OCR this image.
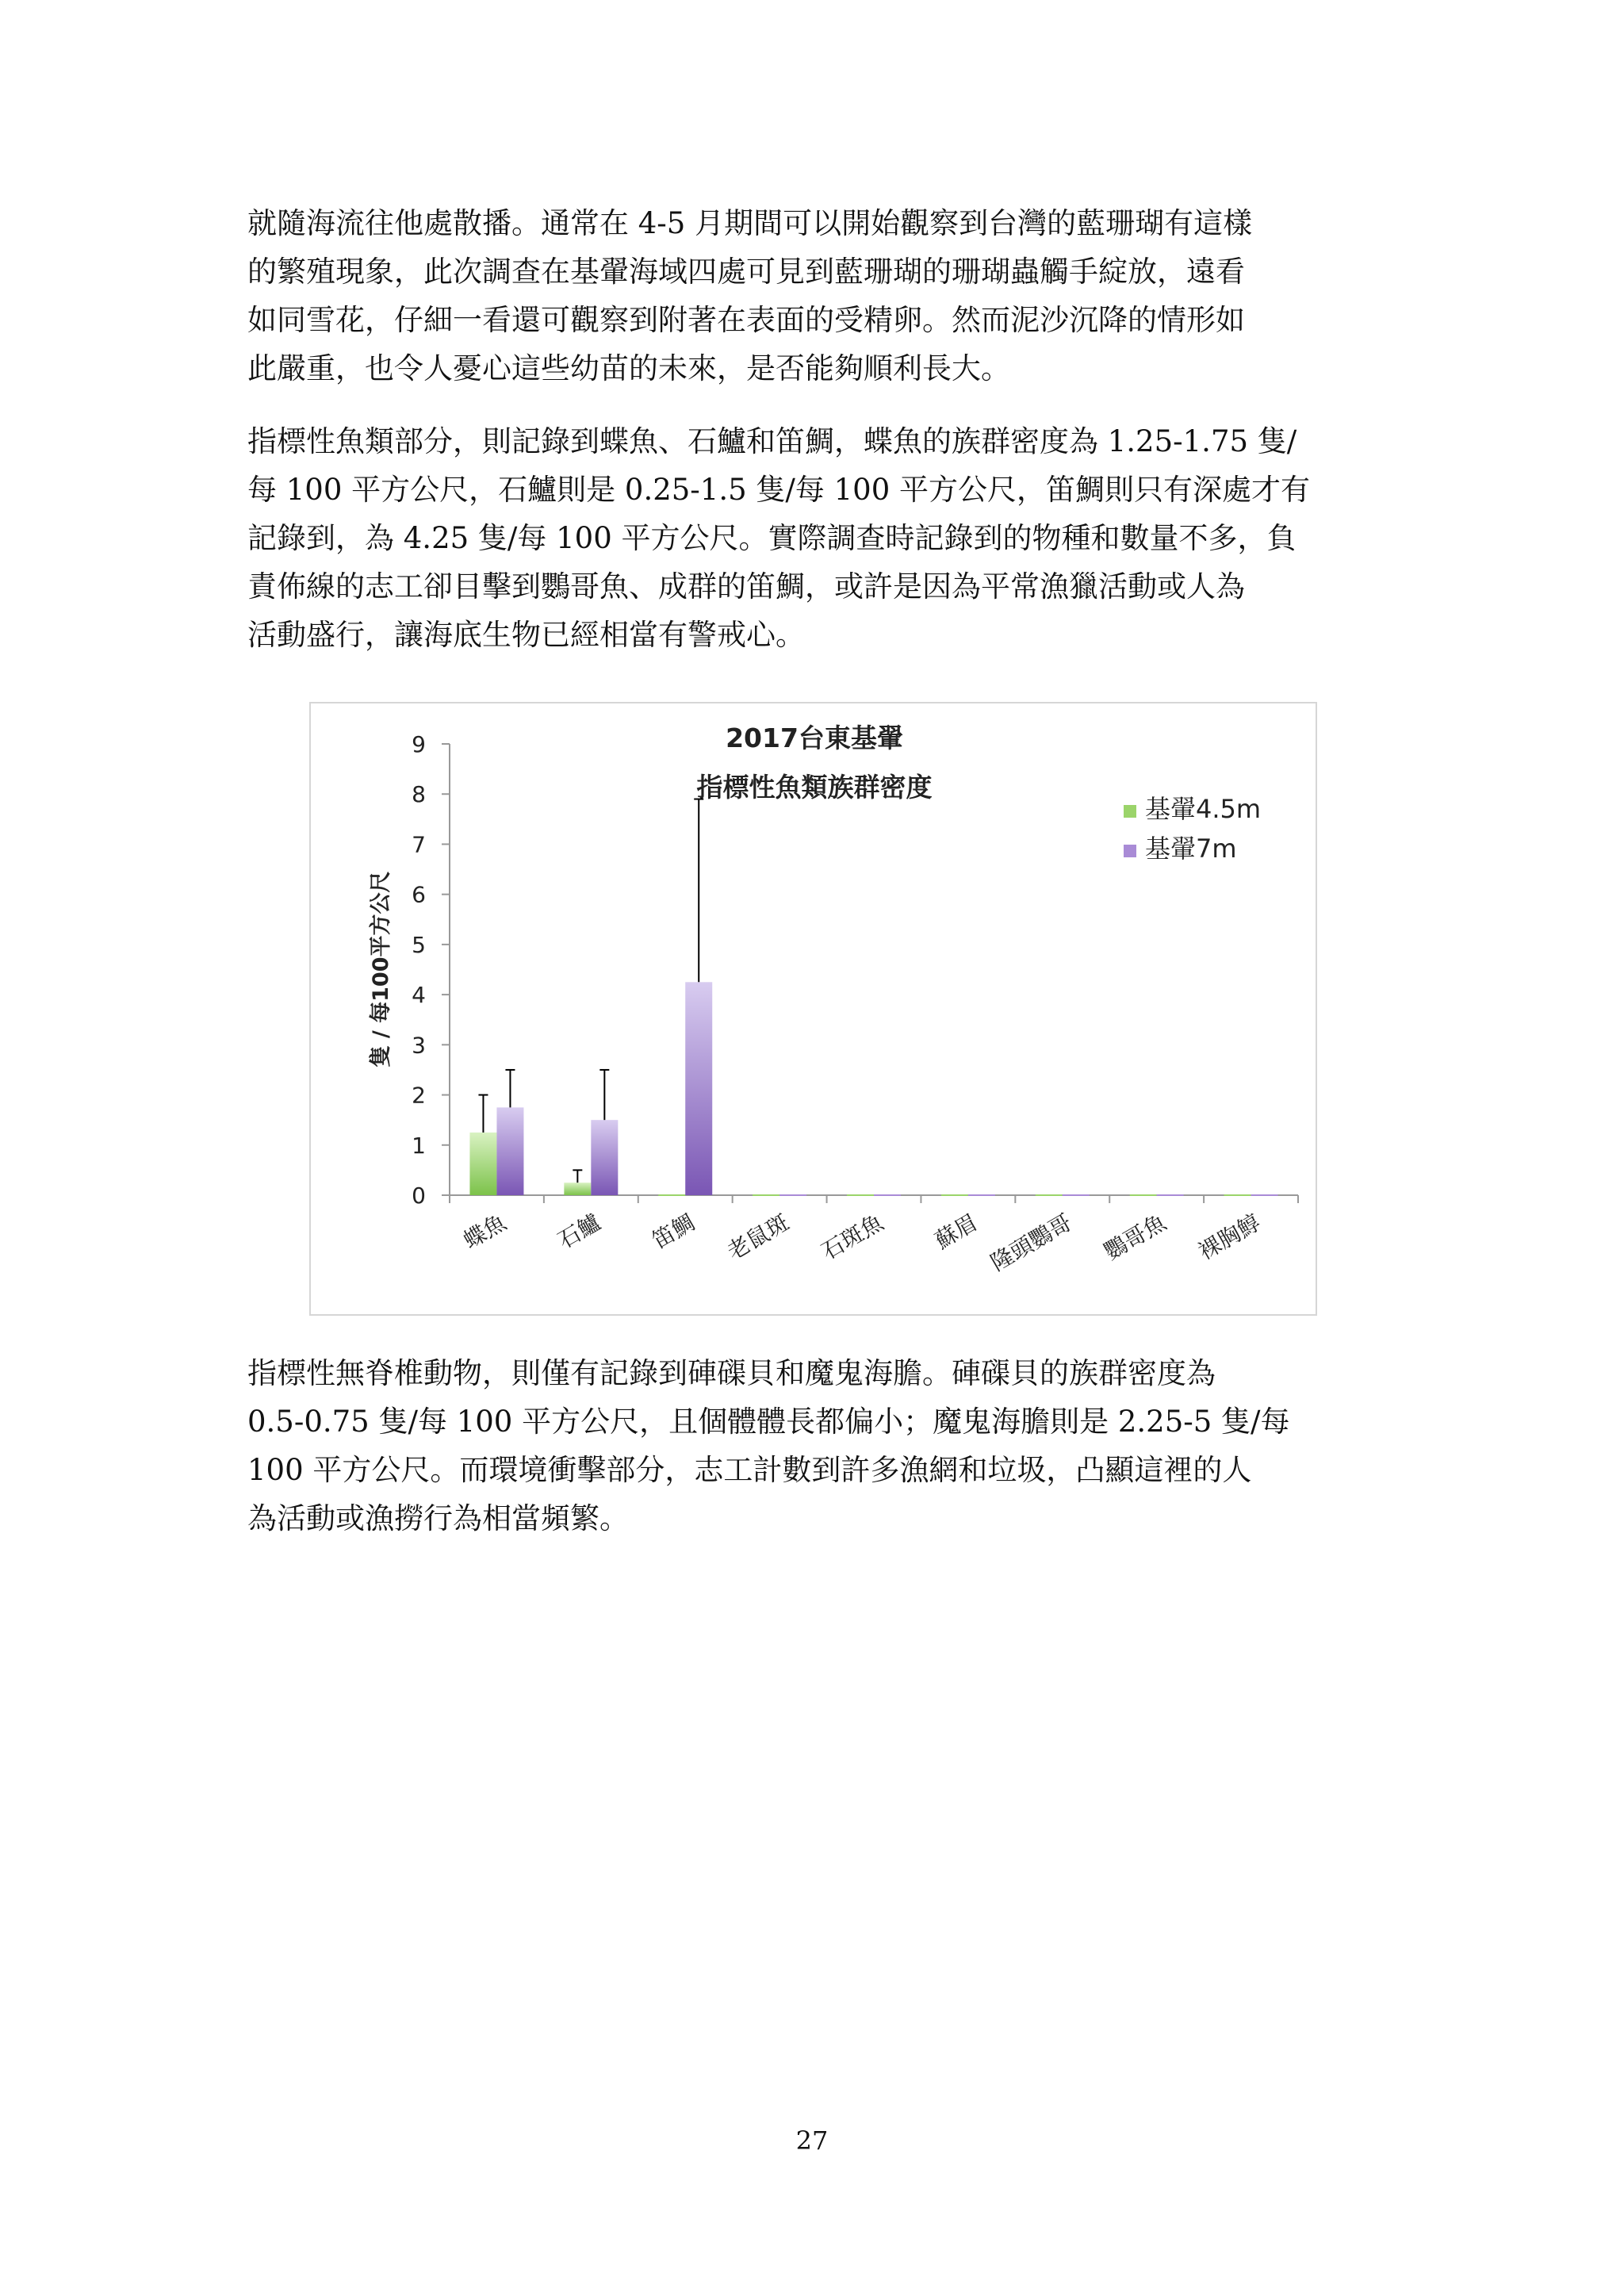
就隨海流往他處散播。通常在 4-5 月期間可以開始觀察到台灣的藍珊瑚有這樣
的繁殖現象，此次調查在基翬海域四處可見到藍珊瑚的珊瑚蟲觸手綻放，遠看
如同雪花，仔細一看還可觀察到附著在表面的受精卵。然而泥沙沉降的情形如
此嚴重，也令人憂心這些幼苗的未來，是否能夠順利長大。
指標性魚類部分，則記錄到蝶魚、石鱸和笛鯛，蝶魚的族群密度為 1.25-1.75 隻/
每 100 平方公尺，石鱸則是 0.25-1.5 隻/每 100 平方公尺，笛鯛則只有深處才有
記錄到，為 4.25 隻/每 100 平方公尺。實際調查時記錄到的物種和數量不多，負
責佈線的志工卻目擊到鸚哥魚、成群的笛鯛，或許是因為平常漁獵活動或人為
活動盛行，讓海底生物已經相當有警戒心。
2017台東基翬
指標性魚類族群密度
隻 / 每100平方公尺
0
1
2
3
4
5
6
7
8
9
蝶魚 石鱸 笛鯛 老鼠斑 石斑魚 蘇眉 隆頭鸚哥 鸚哥魚 裸胸鯙
基翬4.5m
基翬7m
指標性無脊椎動物，則僅有記錄到硨磲貝和魔鬼海膽。硨磲貝的族群密度為
0.5-0.75 隻/每 100 平方公尺，且個體體長都偏小；魔鬼海膽則是 2.25-5 隻/每
100 平方公尺。而環境衝擊部分，志工計數到許多漁網和垃圾，凸顯這裡的人
為活動或漁撈行為相當頻繁。
27
